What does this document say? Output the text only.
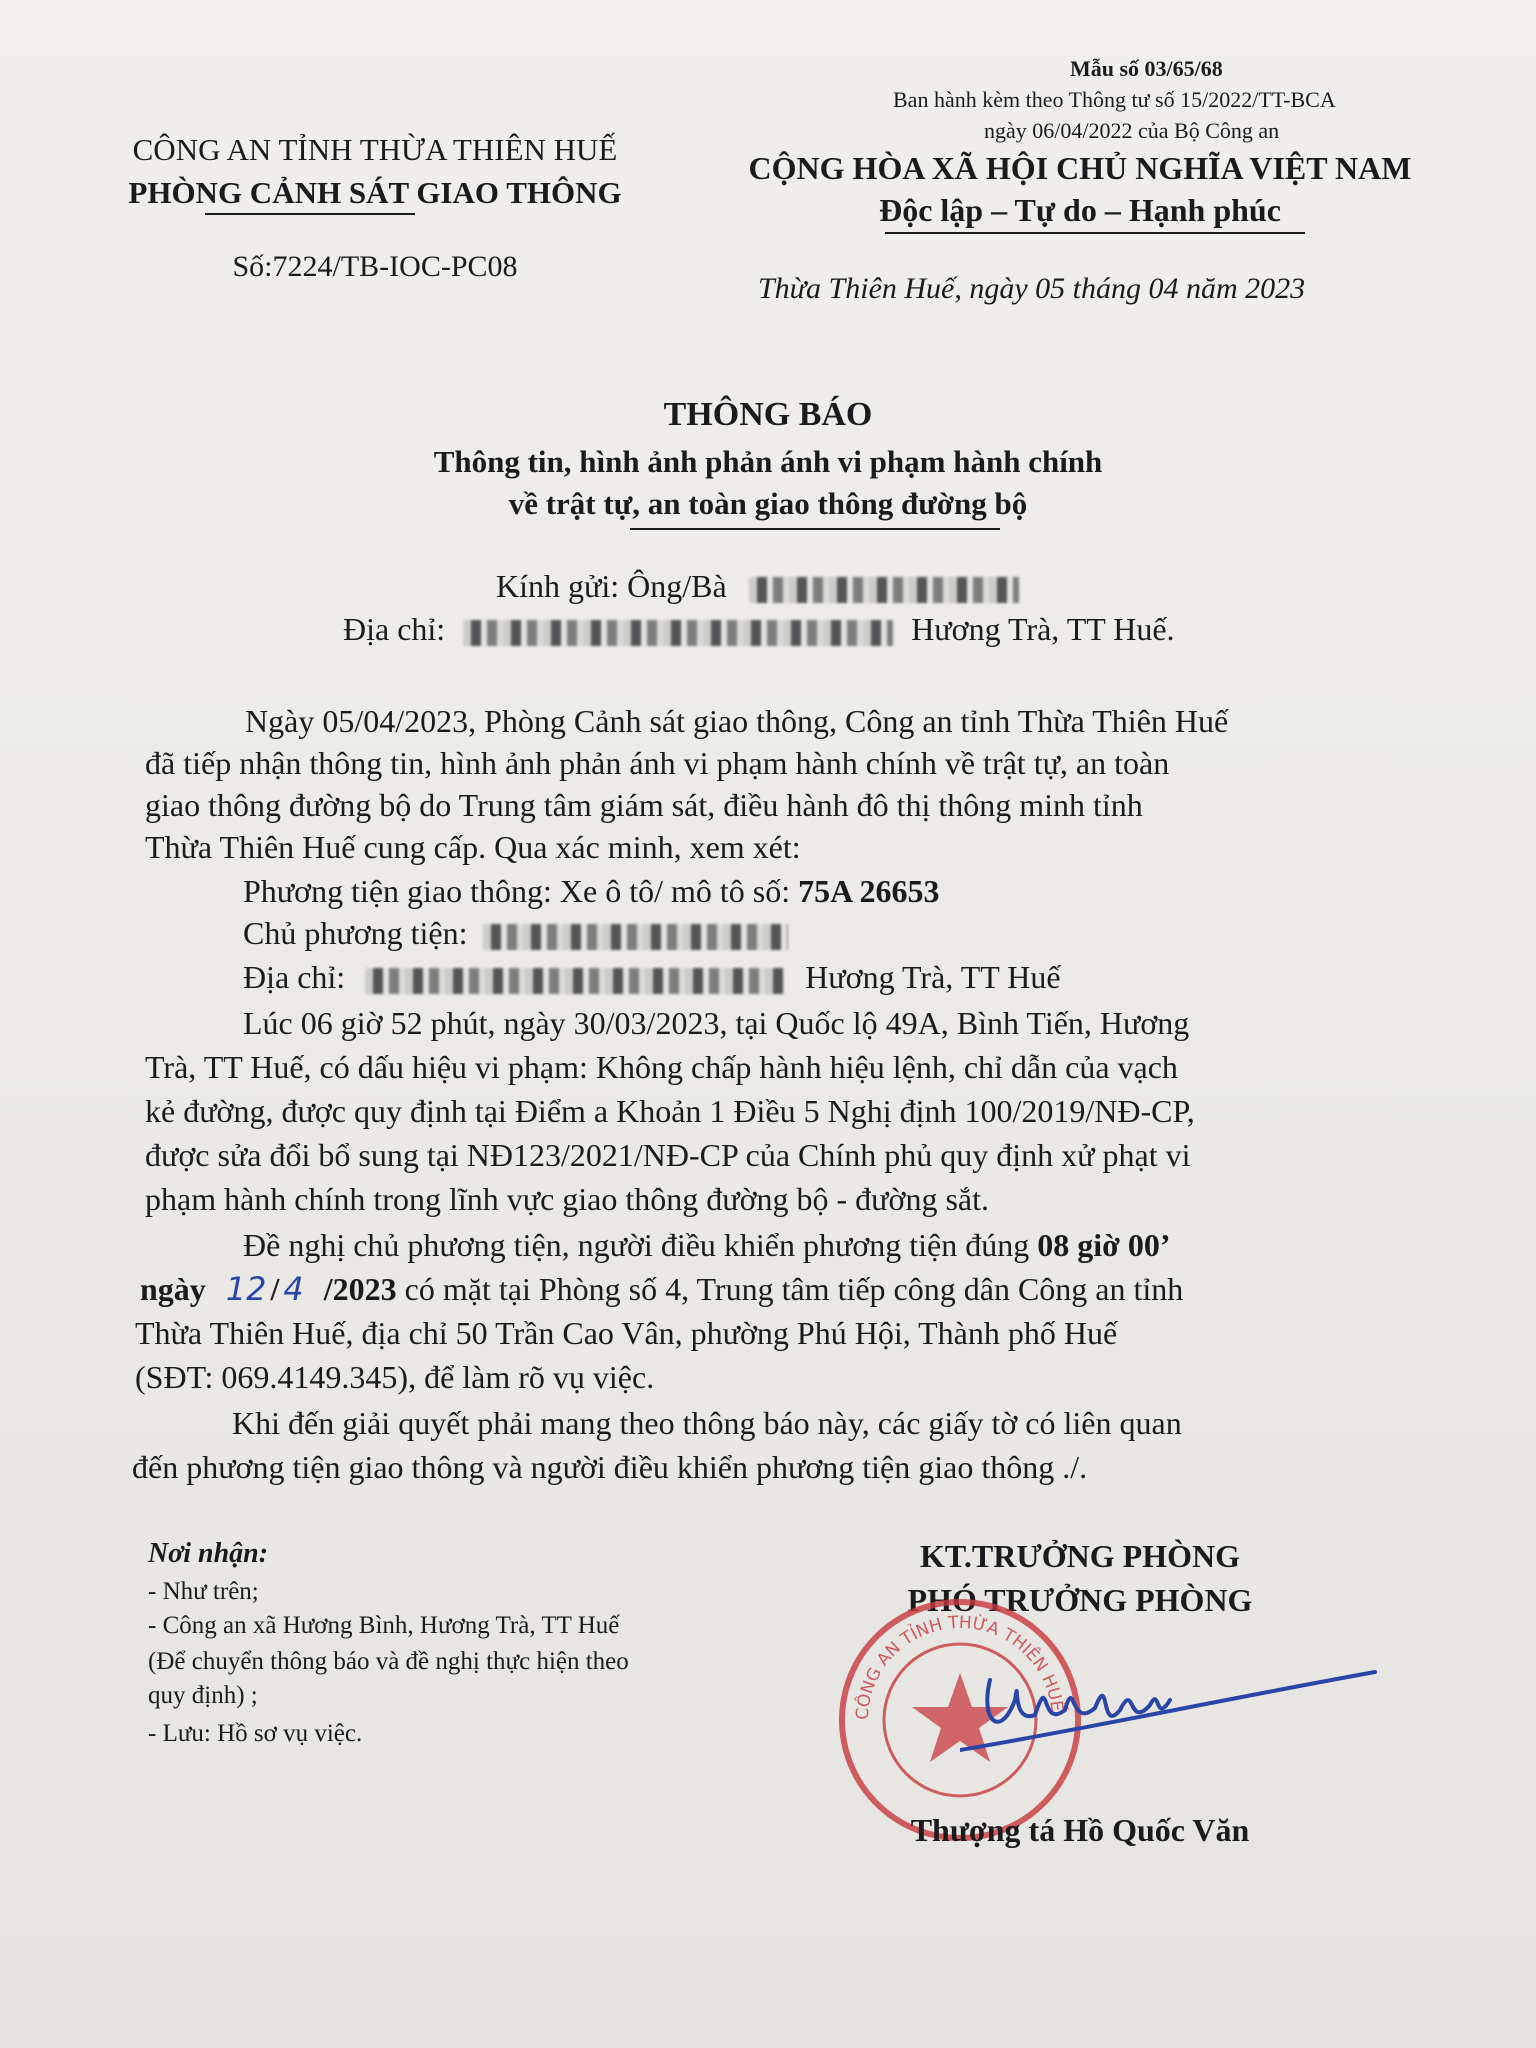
CÔNG AN TỈNH THỪA THIÊN HUẾ
PHÒNG CẢNH SÁT GIAO THÔNG
Số:7224/TB-IOC-PC08
Mẫu số 03/65/68
Ban hành kèm theo Thông tư số 15/2022/TT-BCA
ngày 06/04/2022 của Bộ Công an
CỘNG HÒA XÃ HỘI CHỦ NGHĨA VIỆT NAM
Độc lập – Tự do – Hạnh phúc
Thừa Thiên Huế, ngày 05 tháng 04 năm 2023
THÔNG BÁO
Thông tin, hình ảnh phản ánh vi phạm hành chính
về trật tự, an toàn giao thông đường bộ
Kính gửi: Ông/Bà
Địa chỉ:	Hương Trà, TT Huế.
Ngày 05/04/2023, Phòng Cảnh sát giao thông, Công an tỉnh Thừa Thiên Huế
đã tiếp nhận thông tin, hình ảnh phản ánh vi phạm hành chính về trật tự, an toàn
giao thông đường bộ do Trung tâm giám sát, điều hành đô thị thông minh tỉnh
Thừa Thiên Huế cung cấp. Qua xác minh, xem xét:
Phương tiện giao thông: Xe ô tô/ mô tô số: 75A 26653
Chủ phương tiện:
Địa chỉ:	Hương Trà, TT Huế
Lúc 06 giờ 52 phút, ngày 30/03/2023, tại Quốc lộ 49A, Bình Tiến, Hương
Trà, TT Huế, có dấu hiệu vi phạm: Không chấp hành hiệu lệnh, chỉ dẫn của vạch
kẻ đường, được quy định tại Điểm a Khoản 1 Điều 5 Nghị định 100/2019/NĐ-CP,
được sửa đổi bổ sung tại NĐ123/2021/NĐ-CP của Chính phủ quy định xử phạt vi
phạm hành chính trong lĩnh vực giao thông đường bộ - đường sắt.
Đề nghị chủ phương tiện, người điều khiển phương tiện đúng 08 giờ 00’
ngày 12 / 4 /2023 có mặt tại Phòng số 4, Trung tâm tiếp công dân Công an tỉnh
Thừa Thiên Huế, địa chỉ 50 Trần Cao Vân, phường Phú Hội, Thành phố Huế
(SĐT: 069.4149.345), để làm rõ vụ việc.
Khi đến giải quyết phải mang theo thông báo này, các giấy tờ có liên quan
đến phương tiện giao thông và người điều khiển phương tiện giao thông ./.
Nơi nhận:
- Như trên;
- Công an xã Hương Bình, Hương Trà, TT Huế
(Để chuyển thông báo và đề nghị thực hiện theo
quy định) ;
- Lưu: Hồ sơ vụ việc.
KT.TRƯỞNG PHÒNG
PHÓ TRƯỞNG PHÒNG
CÔNG AN TỈNH THỪA THIÊN HUẾ
Thượng tá Hồ Quốc Văn
